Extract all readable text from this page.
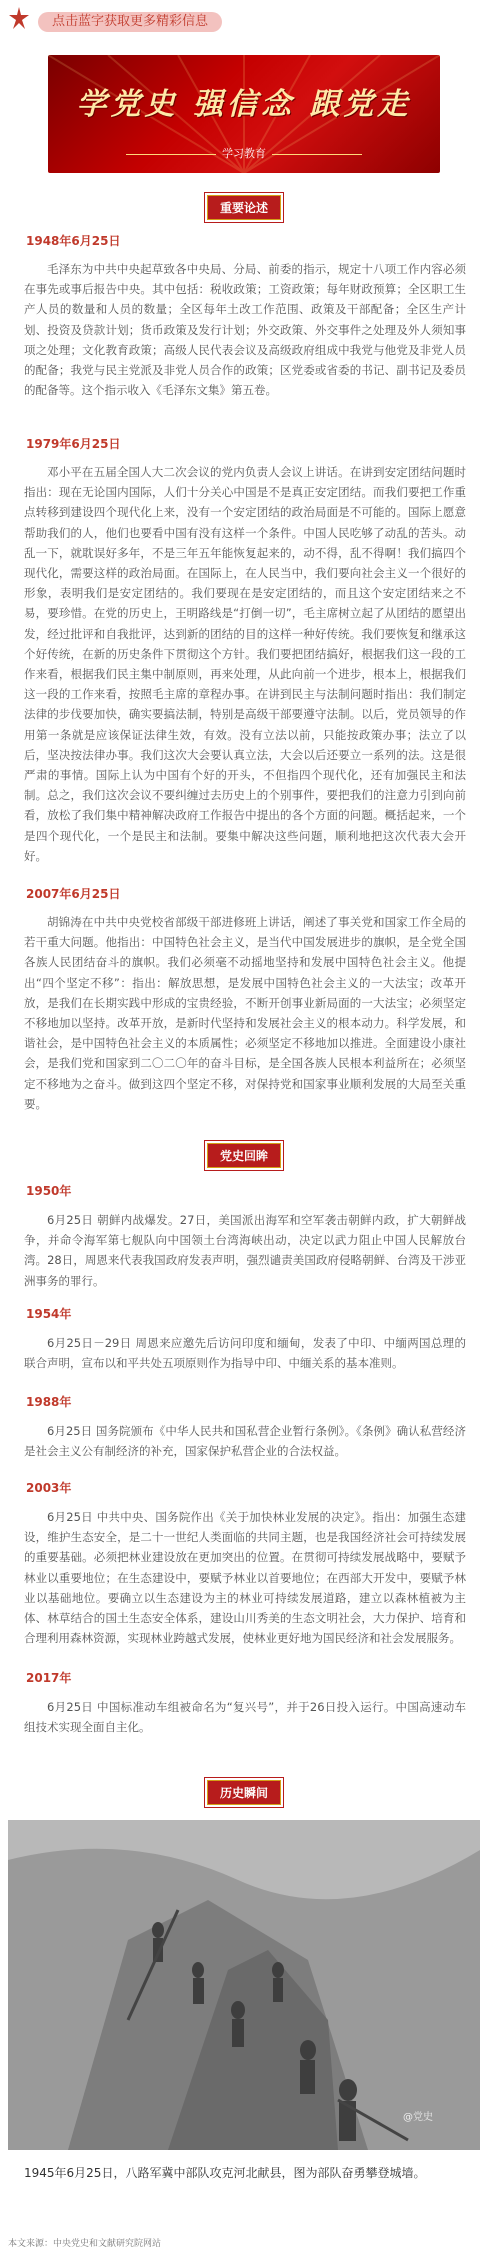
点击蓝字获取更多精彩信息
学党史 强信念 跟党走
学习教育
重要论述
1948年6月25日
毛泽东为中共中央起草致各中央局、分局、前委的指示，规定十八项工作内容必须在事先或事后报告中央。其中包括：税收政策；工资政策；每年财政预算；全区职工生产人员的数量和人员的数量；全区每年土改工作范围、政策及干部配备；全区生产计划、投资及贷款计划；货币政策及发行计划；外交政策、外交事件之处理及外人须知事项之处理；文化教育政策；高级人民代表会议及高级政府组成中我党与他党及非党人员的配备；我党与民主党派及非党人员合作的政策；区党委或省委的书记、副书记及委员的配备等。这个指示收入《毛泽东文集》第五卷。
1979年6月25日
邓小平在五届全国人大二次会议的党内负责人会议上讲话。在讲到安定团结问题时指出：现在无论国内国际，人们十分关心中国是不是真正安定团结。而我们要把工作重点转移到建设四个现代化上来，没有一个安定团结的政治局面是不可能的。国际上愿意帮助我们的人，他们也要看中国有没有这样一个条件。中国人民吃够了动乱的苦头。动乱一下，就耽误好多年，不是三年五年能恢复起来的，动不得，乱不得啊！我们搞四个现代化，需要这样的政治局面。在国际上，在人民当中，我们要向社会主义一个很好的形象，表明我们是安定团结的。我们要现在是安定团结的，而且这个安定团结来之不易，要珍惜。在党的历史上，王明路线是“打倒一切”，毛主席树立起了从团结的愿望出发，经过批评和自我批评，达到新的团结的目的这样一种好传统。我们要恢复和继承这个好传统，在新的历史条件下贯彻这个方针。我们要把团结搞好，根据我们这一段的工作来看，根据我们民主集中制原则，再来处理，从此向前一个进步，根本上，根据我们这一段的工作来看，按照毛主席的章程办事。在讲到民主与法制问题时指出：我们制定法律的步伐要加快，确实要搞法制，特别是高级干部要遵守法制。以后，党员领导的作用第一条就是应该保证法律生效，有效。没有立法以前，只能按政策办事；法立了以后，坚决按法律办事。我们这次大会要认真立法，大会以后还要立一系列的法。这是很严肃的事情。国际上认为中国有个好的开头，不但指四个现代化，还有加强民主和法制。总之，我们这次会议不要纠缠过去历史上的个别事件，要把我们的注意力引到向前看，放松了我们集中精神解决政府工作报告中提出的各个方面的问题。概括起来，一个是四个现代化，一个是民主和法制。要集中解决这些问题，顺利地把这次代表大会开好。
2007年6月25日
胡锦涛在中共中央党校省部级干部进修班上讲话，阐述了事关党和国家工作全局的若干重大问题。他指出：中国特色社会主义，是当代中国发展进步的旗帜，是全党全国各族人民团结奋斗的旗帜。我们必须毫不动摇地坚持和发展中国特色社会主义。他提出“四个坚定不移”：指出：解放思想，是发展中国特色社会主义的一大法宝；改革开放，是我们在长期实践中形成的宝贵经验，不断开创事业新局面的一大法宝；必须坚定不移地加以坚持。改革开放，是新时代坚持和发展社会主义的根本动力。科学发展，和谐社会，是中国特色社会主义的本质属性；必须坚定不移地加以推进。全面建设小康社会，是我们党和国家到二〇二〇年的奋斗目标，是全国各族人民根本利益所在；必须坚定不移地为之奋斗。做到这四个坚定不移，对保持党和国家事业顺利发展的大局至关重要。
党史回眸
1950年
6月25日 朝鲜内战爆发。27日，美国派出海军和空军袭击朝鲜内政，扩大朝鲜战争，并命令海军第七舰队向中国领土台湾海峡出动，决定以武力阻止中国人民解放台湾。28日，周恩来代表我国政府发表声明，强烈谴责美国政府侵略朝鲜、台湾及干涉亚洲事务的罪行。
1954年
6月25日－29日 周恩来应邀先后访问印度和缅甸，发表了中印、中缅两国总理的联合声明，宣布以和平共处五项原则作为指导中印、中缅关系的基本准则。
1988年
6月25日 国务院颁布《中华人民共和国私营企业暂行条例》。《条例》确认私营经济是社会主义公有制经济的补充，国家保护私营企业的合法权益。
2003年
6月25日 中共中央、国务院作出《关于加快林业发展的决定》。指出：加强生态建设，维护生态安全，是二十一世纪人类面临的共同主题，也是我国经济社会可持续发展的重要基础。必须把林业建设放在更加突出的位置。在贯彻可持续发展战略中，要赋予林业以重要地位；在生态建设中，要赋予林业以首要地位；在西部大开发中，要赋予林业以基础地位。要确立以生态建设为主的林业可持续发展道路，建立以森林植被为主体、林草结合的国土生态安全体系，建设山川秀美的生态文明社会，大力保护、培育和合理利用森林资源，实现林业跨越式发展，使林业更好地为国民经济和社会发展服务。
2017年
6月25日 中国标准动车组被命名为“复兴号”，并于26日投入运行。中国高速动车组技术实现全面自主化。
历史瞬间
@党史
1945年6月25日，八路军冀中部队攻克河北献县，图为部队奋勇攀登城墙。
本文来源：中央党史和文献研究院网站
